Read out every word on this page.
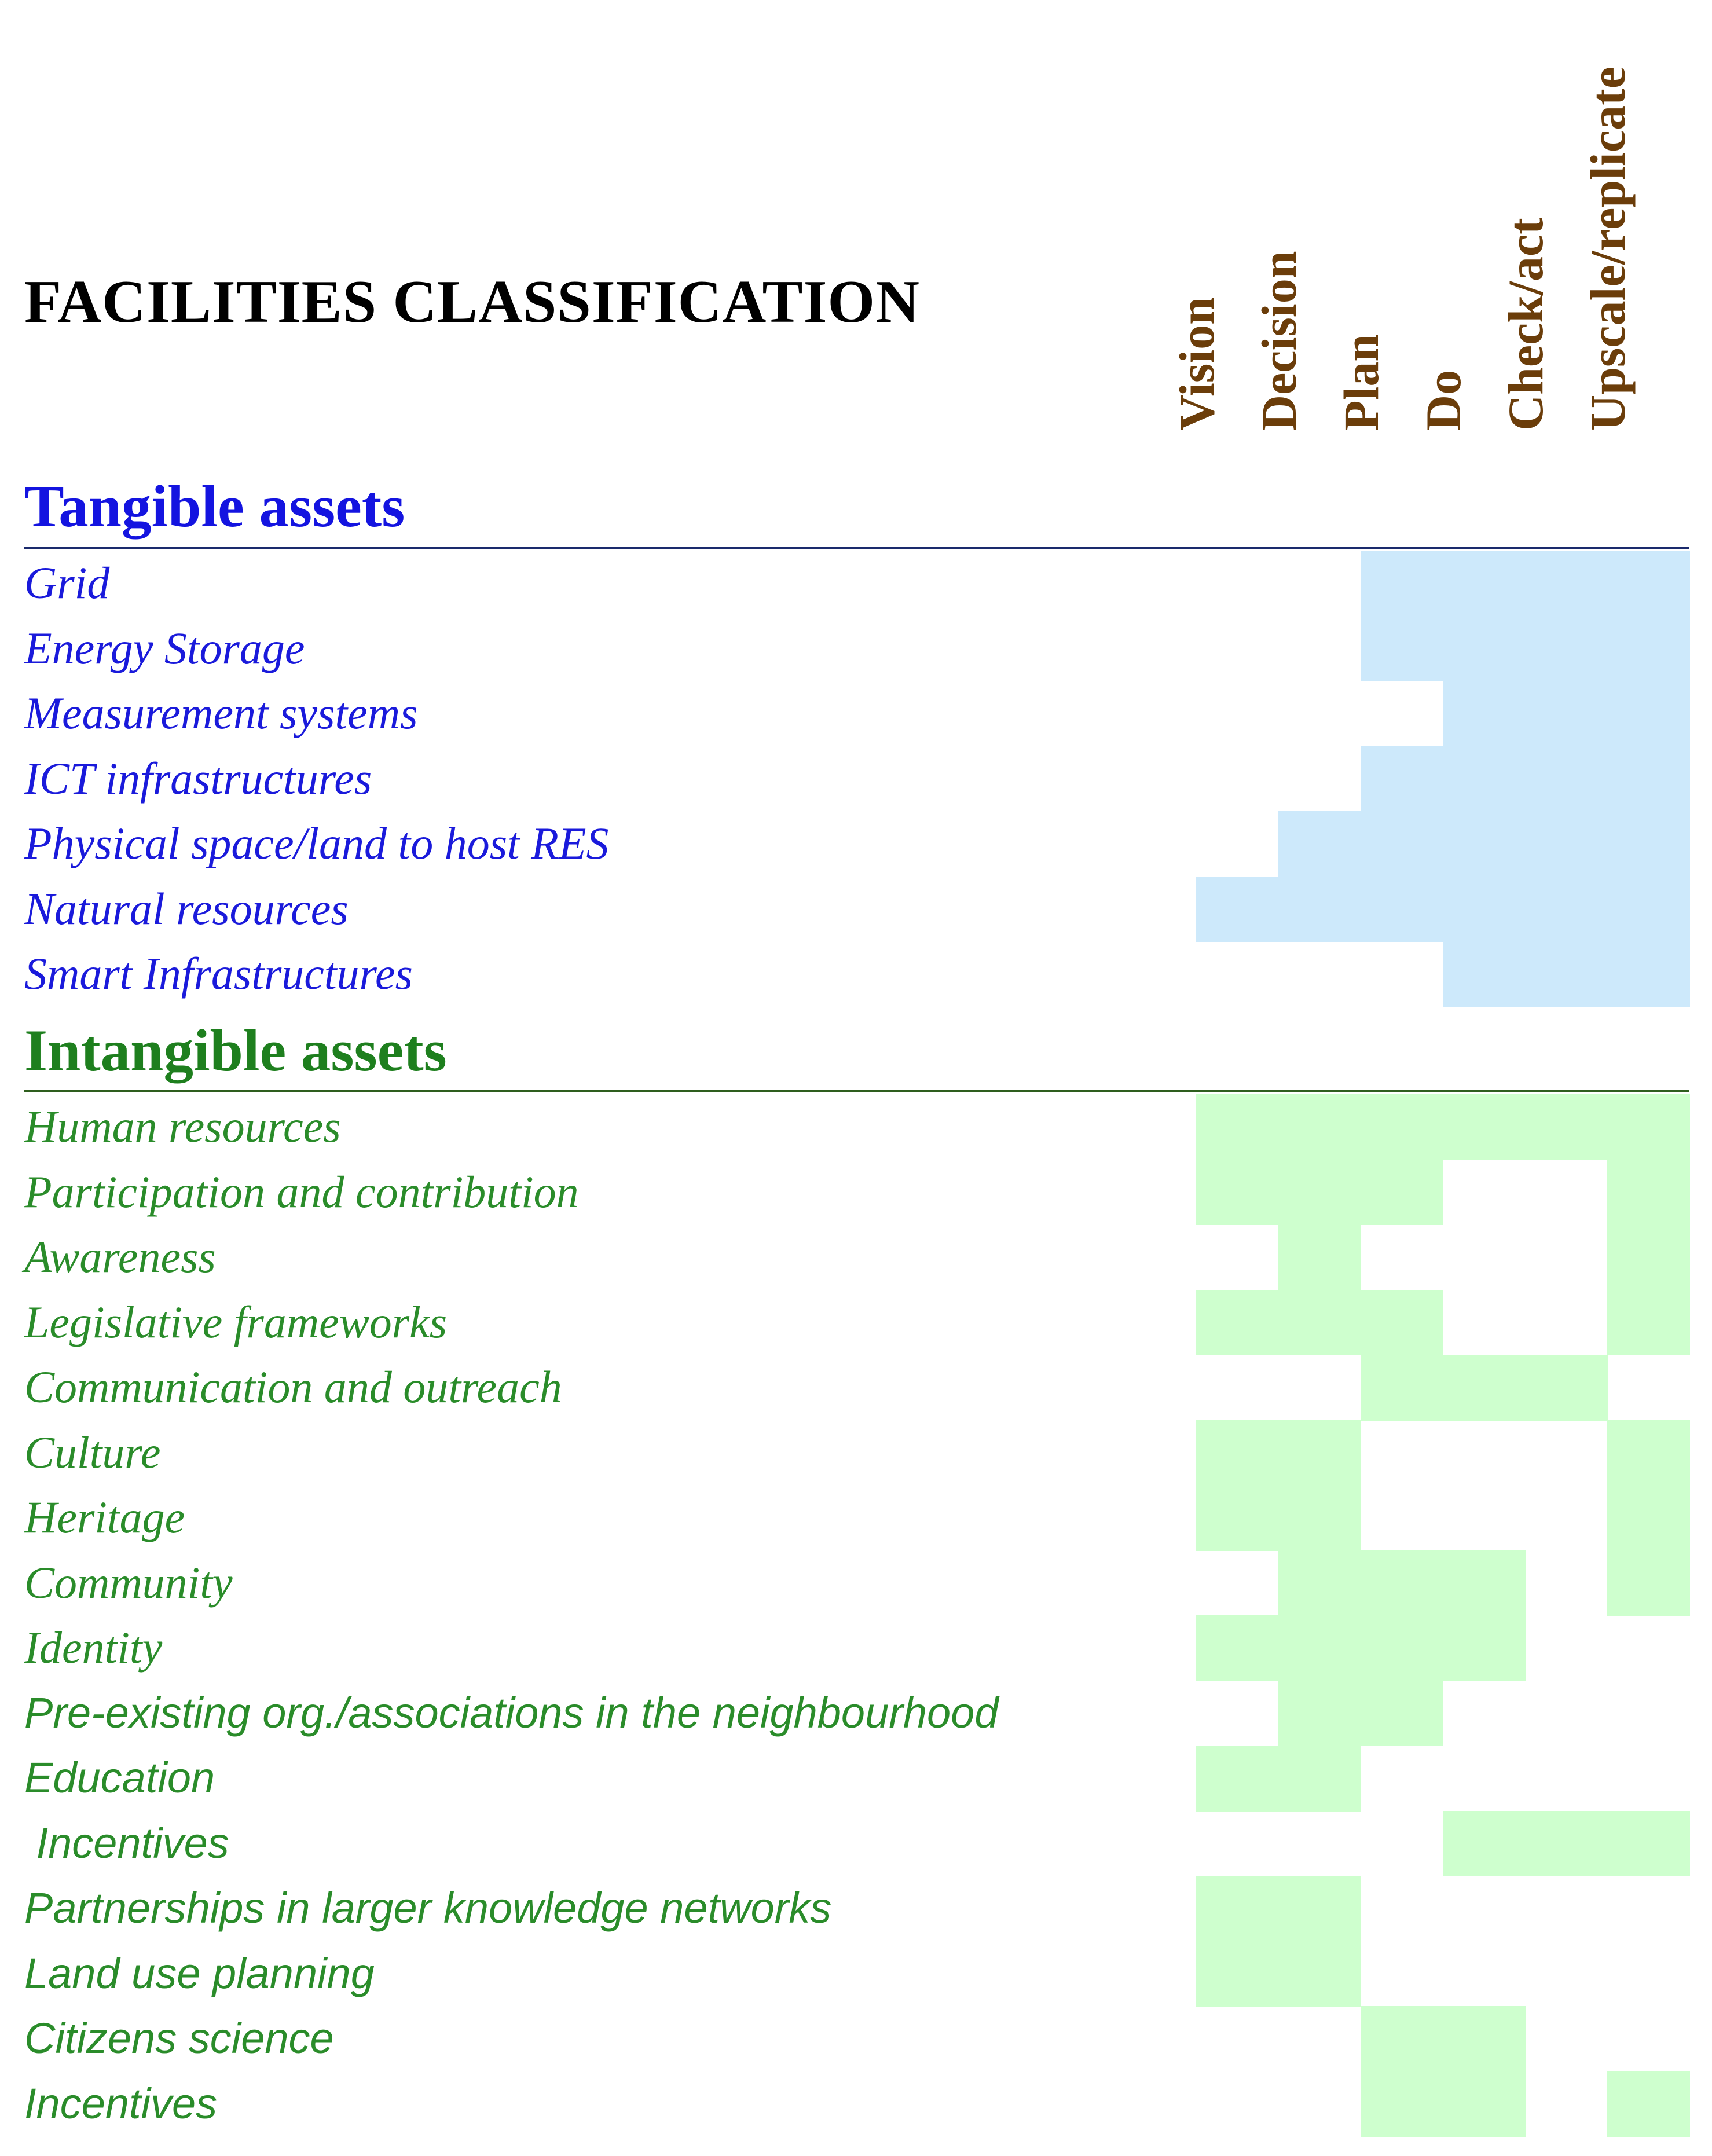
FACILITIES CLASSIFICATION	Vision Decision Plan Do Check/act Upscale/replicate
Tangible assets
Grid
Energy Storage
Measurement systems
ICT infrastructures
Physical space/land to host RES
Natural resources
Smart Infrastructures
Intangible assets
Human resources
Participation and contribution
Awareness
Legislative frameworks
Communication and outreach
Culture
Heritage
Community
Identity
Pre-existing org./associations in the neighbourhood
Education
Incentives
Partnerships in larger knowledge networks
Land use planning
Citizens science
Incentives
